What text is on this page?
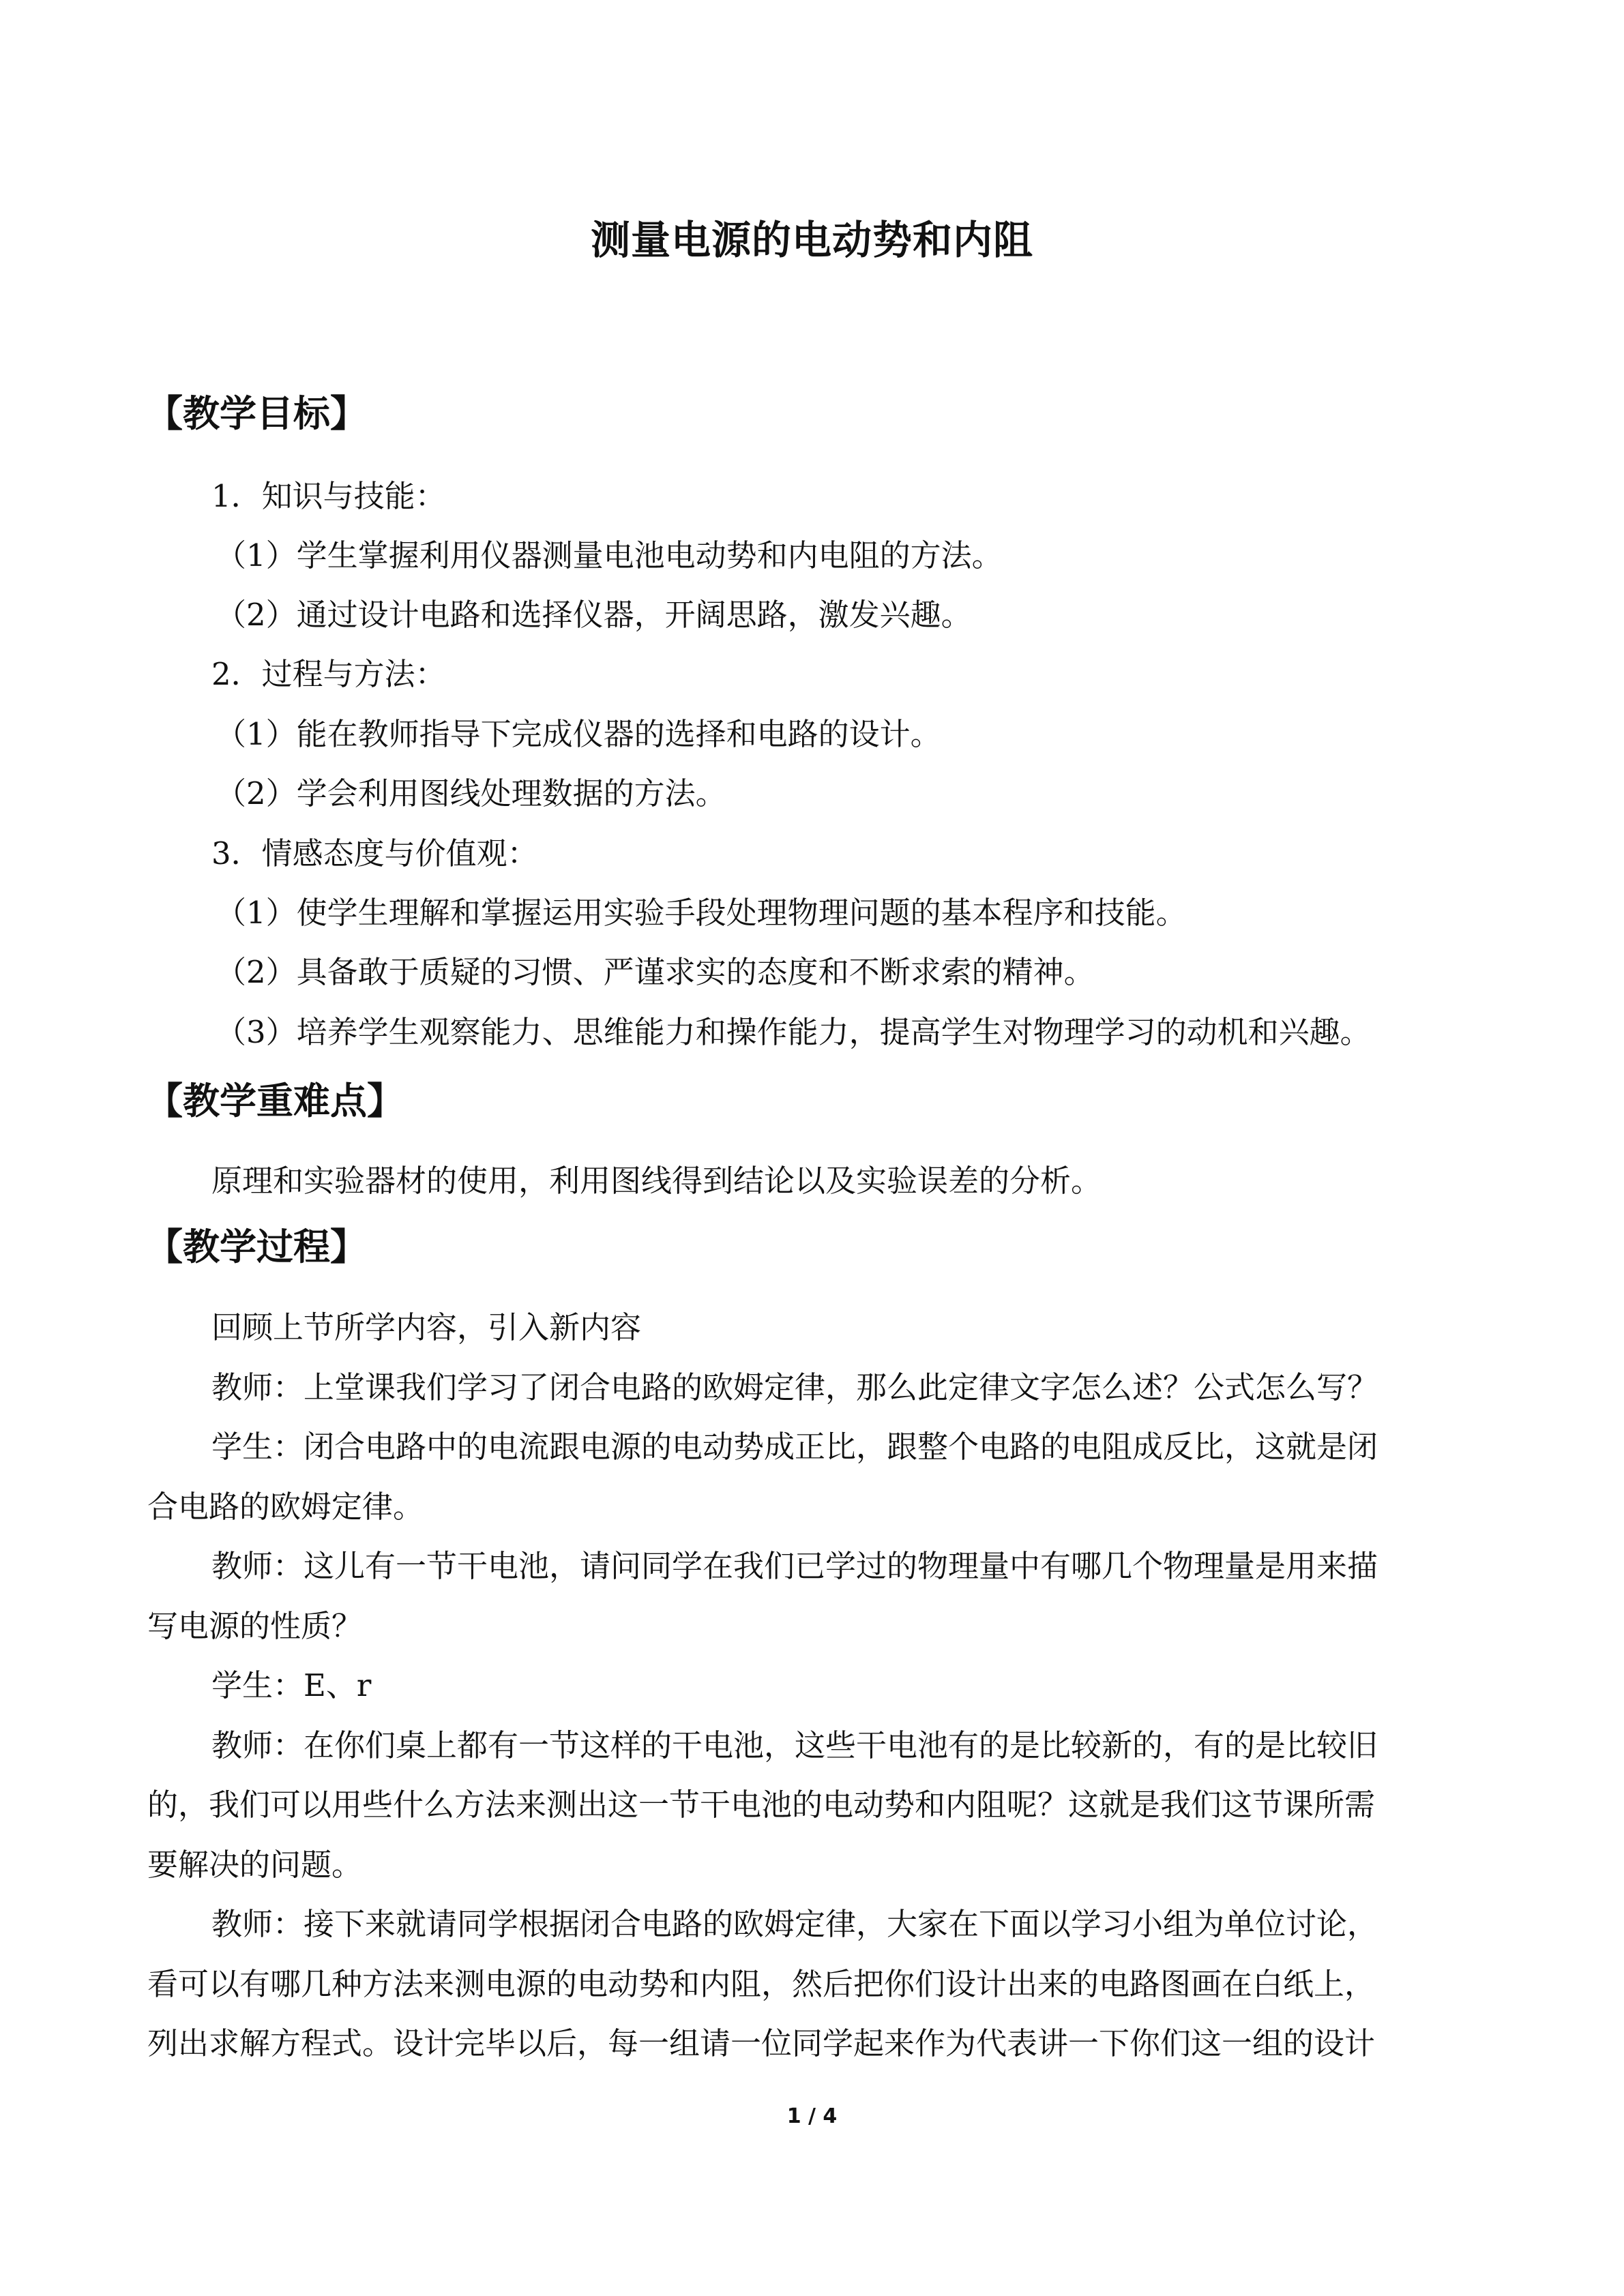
测量电源的电动势和内阻
【教学目标】
1．知识与技能：
（1）学生掌握利用仪器测量电池电动势和内电阻的方法。
（2）通过设计电路和选择仪器，开阔思路，激发兴趣。
2．过程与方法：
（1）能在教师指导下完成仪器的选择和电路的设计。
（2）学会利用图线处理数据的方法。
3．情感态度与价值观：
（1）使学生理解和掌握运用实验手段处理物理问题的基本程序和技能。
（2）具备敢于质疑的习惯、严谨求实的态度和不断求索的精神。
（3）培养学生观察能力、思维能力和操作能力，提高学生对物理学习的动机和兴趣。
【教学重难点】
原理和实验器材的使用，利用图线得到结论以及实验误差的分析。
【教学过程】
回顾上节所学内容，引入新内容
教师：上堂课我们学习了闭合电路的欧姆定律，那么此定律文字怎么述？公式怎么写？
学生：闭合电路中的电流跟电源的电动势成正比，跟整个电路的电阻成反比，这就是闭
合电路的欧姆定律。
教师：这儿有一节干电池，请问同学在我们已学过的物理量中有哪几个物理量是用来描
写电源的性质？
学生：E、r
教师：在你们桌上都有一节这样的干电池，这些干电池有的是比较新的，有的是比较旧
的，我们可以用些什么方法来测出这一节干电池的电动势和内阻呢？这就是我们这节课所需
要解决的问题。
教师：接下来就请同学根据闭合电路的欧姆定律，大家在下面以学习小组为单位讨论，
看可以有哪几种方法来测电源的电动势和内阻，然后把你们设计出来的电路图画在白纸上，
列出求解方程式。设计完毕以后，每一组请一位同学起来作为代表讲一下你们这一组的设计
1 / 4
